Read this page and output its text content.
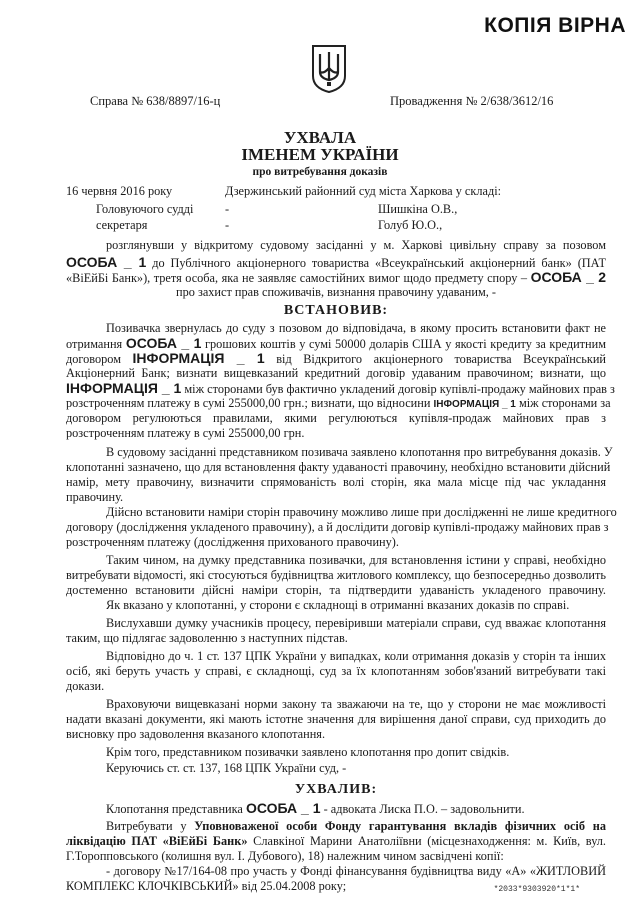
КОПІЯ ВІРНА
Справа № 638/8897/16-ц	Провадження № 2/638/3612/16
УХВАЛА
ІМЕНЕМ УКРАЇНИ
про витребування доказів
16 червня 2016 року	Дзержинський районний суд міста Харкова у складі:
Головуючого судді	-	Шишкіна О.В.,
секретаря	-	Голуб Ю.О.,
розглянувши у відкритому судовому засіданні у м. Харкові цивільну справу за позовом
ОСОБА _ 1 до Публічного акціонерного товариства «Всеукраїнський акціонерний банк» (ПАТ
«ВіЕйБі Банк»), третя особа, яка не заявляє самостійних вимог щодо предмету спору – ОСОБА _ 2
про захист прав споживачів, визнання правочину удаваним, -
ВСТАНОВИВ:
Позивачка звернулась до суду з позовом до відповідача, в якому просить встановити факт не
отримання ОСОБА _ 1 грошових коштів у сумі 50000 доларів США у якості кредиту за кредитним
договором ІНФОРМАЦІЯ _ 1 від Відкритого акціонерного товариства Всеукраїнський
Акціонерний Банк; визнати вищевказаний кредитний договір удаваним правочином; визнати, що
ІНФОРМАЦІЯ _ 1 між сторонами був фактично укладений договір купівлі-продажу майнових прав з
розстроченням платежу в сумі 255000,00 грн.; визнати, що відносини ІНФОРМАЦІЯ _ 1 між сторонами за
договором регулюються правилами, якими регулюються купівля-продаж майнових прав з
розстроченням платежу в сумі 255000,00 грн.
В судовому засіданні представником позивача заявлено клопотання про витребування доказів. У
клопотанні зазначено, що для встановлення факту удаваності правочину, необхідно встановити дійсний
намір, мету правочину, визначити спрямованість волі сторін, яка мала місце під час укладання
правочину.
Дійсно встановити наміри сторін правочину можливо лише при дослідженні не лише кредитного
договору (дослідження укладеного правочину), а й дослідити договір купівлі-продажу майнових прав з
розстроченням платежу (дослідження прихованого правочину).
Таким чином, на думку представника позивачки, для встановлення істини у справі, необхідно
витребувати відомості, які стосуються будівництва житлового комплексу, що безпосередньо дозволить
достеменно встановити дійсні наміри сторін, та підтвердити удаваність укладеного правочину.
Як вказано у клопотанні, у сторони є складнощі в отриманні вказаних доказів по справі.
Вислухавши думку учасників процесу, перевіривши матеріали справи, суд вважає клопотання
таким, що підлягає задоволенню з наступних підстав.
Відповідно до ч. 1 ст. 137 ЦПК України у випадках, коли отримання доказів у сторін та інших
осіб, які беруть участь у справі, є складнощі, суд за їх клопотанням зобов'язаний витребувати такі
докази.
Враховуючи вищевказані норми закону та зважаючи на те, що у сторони не має можливості
надати вказані документи, які мають істотне значення для вирішення даної справи, суд приходить до
висновку про задоволення вказаного клопотання.
Крім того, представником позивачки заявлено клопотання про допит свідків.
Керуючись ст. ст. 137, 168 ЦПК України суд, -
УХВАЛИВ:
Клопотання представника ОСОБА _ 1 - адвоката Лиска П.О. – задовольнити.
Витребувати у Уповноваженої особи Фонду гарантування вкладів фізичних осіб на
ліквідацію ПАТ «ВіЕйБі Банк» Славкіної Марини Анатоліївни (місцезнаходження: м. Київ, вул.
Г.Торопповського (колишня вул. І. Дубового), 18) належним чином засвідчені копії:
- договору №17/164-08 про участь у Фонді фінансування будівництва виду «А» «ЖИТЛОВИЙ
КОМПЛЕКС КЛОЧКІВСЬКИЙ» від 25.04.2008 року;	*2033*9303920*1*1*
